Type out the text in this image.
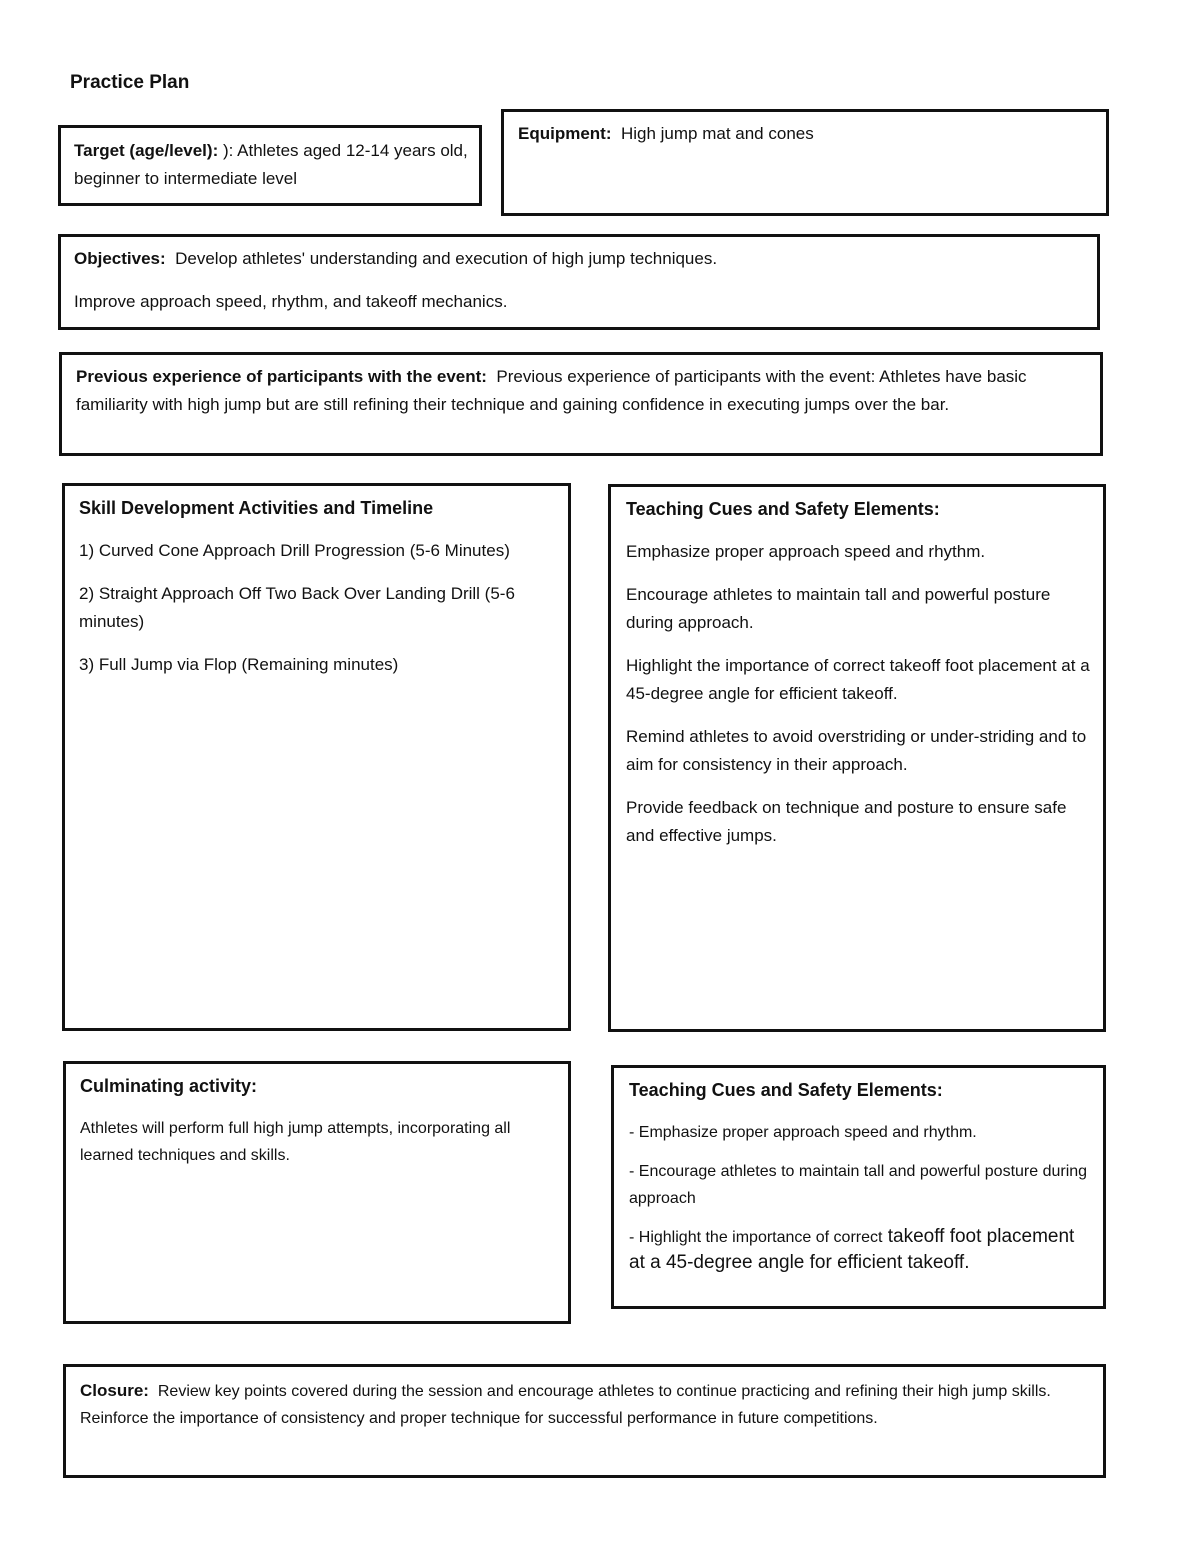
Practice Plan
Target (age/level): ): Athletes aged 12-14 years old, beginner to intermediate level
Equipment: High jump mat and cones
Objectives: Develop athletes' understanding and execution of high jump techniques.
Improve approach speed, rhythm, and takeoff mechanics.
Previous experience of participants with the event: Previous experience of participants with the event: Athletes have basic familiarity with high jump but are still refining their technique and gaining confidence in executing jumps over the bar.
Skill Development Activities and Timeline
1) Curved Cone Approach Drill Progression (5-6 Minutes)
2) Straight Approach Off Two Back Over Landing Drill (5-6 minutes)
3) Full Jump via Flop (Remaining minutes)
Teaching Cues and Safety Elements:
Emphasize proper approach speed and rhythm.
Encourage athletes to maintain tall and powerful posture during approach.
Highlight the importance of correct takeoff foot placement at a 45-degree angle for efficient takeoff.
Remind athletes to avoid overstriding or under-striding and to aim for consistency in their approach.
Provide feedback on technique and posture to ensure safe and effective jumps.
Culminating activity:
Athletes will perform full high jump attempts, incorporating all learned techniques and skills.
Teaching Cues and Safety Elements:
- Emphasize proper approach speed and rhythm.
- Encourage athletes to maintain tall and powerful posture during approach
- Highlight the importance of correct takeoff foot placement at a 45-degree angle for efficient takeoff.
Closure: Review key points covered during the session and encourage athletes to continue practicing and refining their high jump skills. Reinforce the importance of consistency and proper technique for successful performance in future competitions.
